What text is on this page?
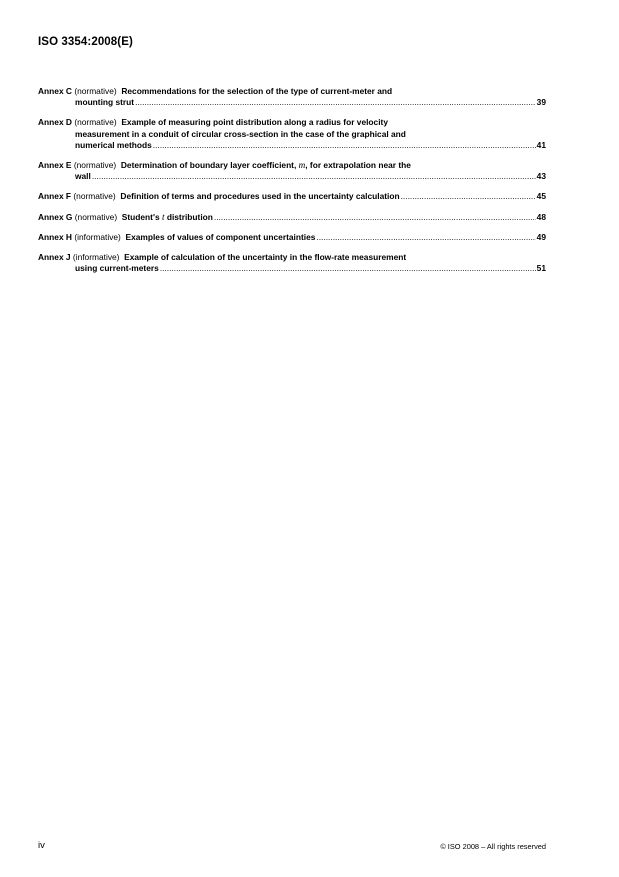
ISO 3354:2008(E)
Annex C (normative) Recommendations for the selection of the type of current-meter and
mounting strut .....	39
Annex D (normative) Example of measuring point distribution along a radius for velocity
measurement in a conduit of circular cross-section in the case of the graphical and
numerical methods .....	41
Annex E (normative) Determination of boundary layer coefficient, m, for extrapolation near the
wall .....	43
Annex F (normative) Definition of terms and procedures used in the uncertainty calculation .....	45
Annex G (normative) Student's t distribution .....	48
Annex H (informative) Examples of values of component uncertainties .....	49
Annex J (informative) Example of calculation of the uncertainty in the flow-rate measurement
using current-meters .....	51
iv	© ISO 2008 – All rights reserved
